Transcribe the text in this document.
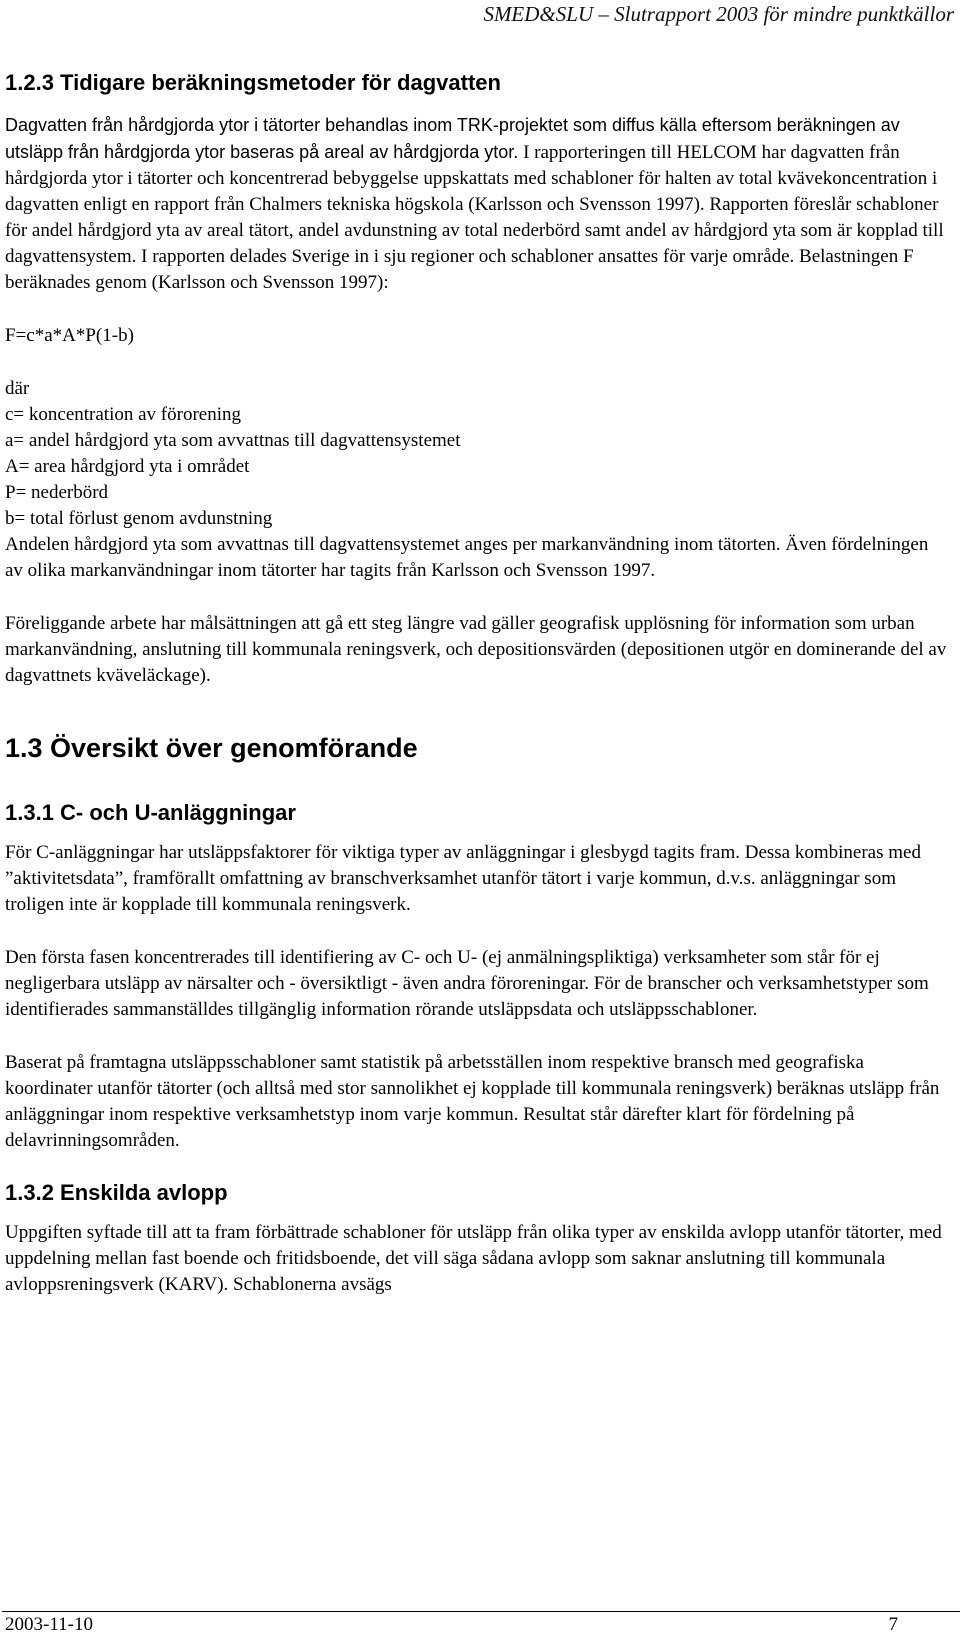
SMED&SLU – Slutrapport 2003 för mindre punktkällor
1.2.3 Tidigare beräkningsmetoder för dagvatten

Dagvatten från hårdgjorda ytor i tätorter behandlas inom TRK-projektet som diffus källa eftersom beräkningen av utsläpp från hårdgjorda ytor baseras på areal av hårdgjorda ytor. I rapporteringen till HELCOM har dagvatten från hårdgjorda ytor i tätorter och koncentrerad bebyggelse uppskattats med schabloner för halten av total kvävekoncentration i dagvatten enligt en rapport från Chalmers tekniska högskola (Karlsson och Svensson 1997). Rapporten föreslår schabloner för andel hårdgjord yta av areal tätort, andel avdunstning av total nederbörd samt andel av hårdgjord yta som är kopplad till dagvattensystem. I rapporten delades Sverige in i sju regioner och schabloner ansattes för varje område. Belastningen F beräknades genom (Karlsson och Svensson 1997):

F=c*a*A*P(1-b)

där

c= koncentration av förorening

a= andel hårdgjord yta som avvattnas till dagvattensystemet

A= area hårdgjord yta i området

P= nederbörd

b= total förlust genom avdunstning

Andelen hårdgjord yta som avvattnas till dagvattensystemet anges per markanvändning inom tätorten. Även fördelningen av olika markanvändningar inom tätorter har tagits från Karlsson och Svensson 1997.

Föreliggande arbete har målsättningen att gå ett steg längre vad gäller geografisk upplösning för information som urban markanvändning, anslutning till kommunala reningsverk, och depositionsvärden (depositionen utgör en dominerande del av dagvattnets kväveläckage).

1.3 Översikt över genomförande
1.3.1 C- och U-anläggningar

För C-anläggningar har utsläppsfaktorer för viktiga typer av anläggningar i glesbygd tagits fram. Dessa kombineras med ”aktivitetsdata”, framförallt omfattning av branschverksamhet utanför tätort i varje kommun, d.v.s. anläggningar som troligen inte är kopplade till kommunala reningsverk.

Den första fasen koncentrerades till identifiering av C- och U- (ej anmälningspliktiga) verksamheter som står för ej negligerbara utsläpp av närsalter och - översiktligt - även andra föroreningar. För de branscher och verksamhetstyper som identifierades sammanställdes tillgänglig information rörande utsläppsdata och utsläppsschabloner.

Baserat på framtagna utsläppsschabloner samt statistik på arbetsställen inom respektive bransch med geografiska koordinater utanför tätorter (och alltså med stor sannolikhet ej kopplade till kommunala reningsverk) beräknas utsläpp från anläggningar inom respektive verksamhetstyp inom varje kommun. Resultat står därefter klart för fördelning på delavrinningsområden.

1.3.2 Enskilda avlopp

Uppgiften syftade till att ta fram förbättrade schabloner för utsläpp från olika typer av enskilda avlopp utanför tätorter, med uppdelning mellan fast boende och fritidsboende, det vill säga sådana avlopp som saknar anslutning till kommunala avloppsreningsverk (KARV). Schablonerna avsägs

2003-11-10	7
